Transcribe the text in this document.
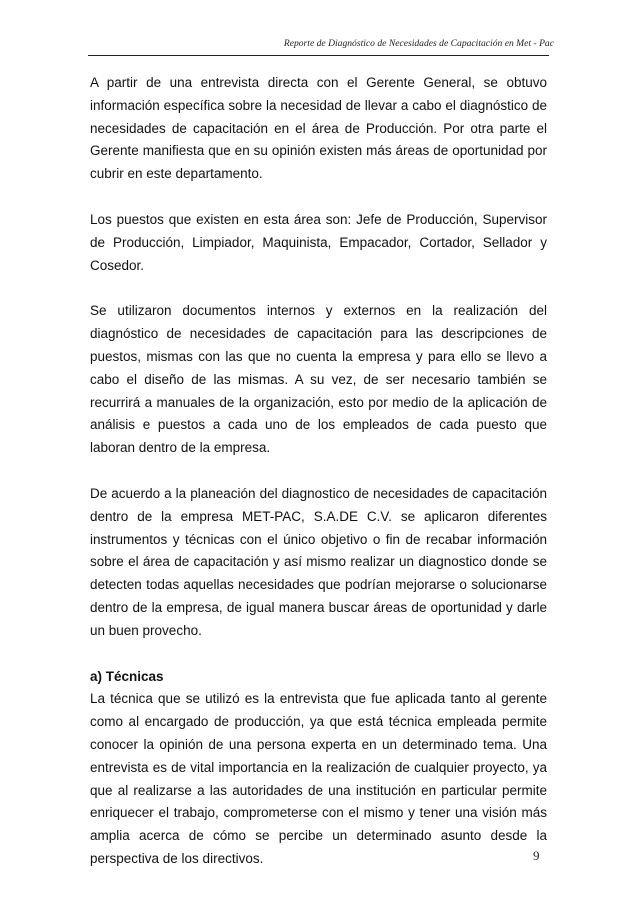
Reporte de Diagnóstico de Necesidades de Capacitación en Met - Pac

A partir de una entrevista directa con el Gerente General, se obtuvo información específica sobre la necesidad de llevar a cabo el diagnóstico de necesidades de capacitación en el área de Producción. Por otra parte el Gerente manifiesta que en su opinión existen más áreas de oportunidad por cubrir en este departamento.

Los puestos que existen en esta área son: Jefe de Producción, Supervisor de Producción, Limpiador, Maquinista, Empacador, Cortador, Sellador y Cosedor.

Se utilizaron documentos internos y externos en la realización del diagnóstico de necesidades de capacitación para las descripciones de puestos, mismas con las que no cuenta la empresa y para ello se llevo a cabo el diseño de las mismas. A su vez, de ser necesario también se recurrirá a manuales de la organización, esto por medio de la aplicación de análisis e puestos a cada uno de los empleados de cada puesto que laboran dentro de la empresa.

De acuerdo a la planeación del diagnostico de necesidades de capacitación dentro de la empresa MET-PAC, S.A.DE C.V. se aplicaron diferentes instrumentos y técnicas con el único objetivo o fin de recabar información sobre el área de capacitación y así mismo realizar un diagnostico donde se detecten todas aquellas necesidades que podrían mejorarse o solucionarse dentro de la empresa, de igual manera buscar áreas de oportunidad y darle un buen provecho.

a) Técnicas

La técnica que se utilizó es la entrevista que fue aplicada tanto al gerente como al encargado de producción, ya que está técnica empleada permite conocer la opinión de una persona experta en un determinado tema. Una entrevista es de vital importancia en la realización de cualquier proyecto, ya que al realizarse a las autoridades de una institución en particular permite enriquecer el trabajo, comprometerse con el mismo y tener una visión más amplia acerca de cómo se percibe un determinado asunto desde la perspectiva de los directivos.	9
